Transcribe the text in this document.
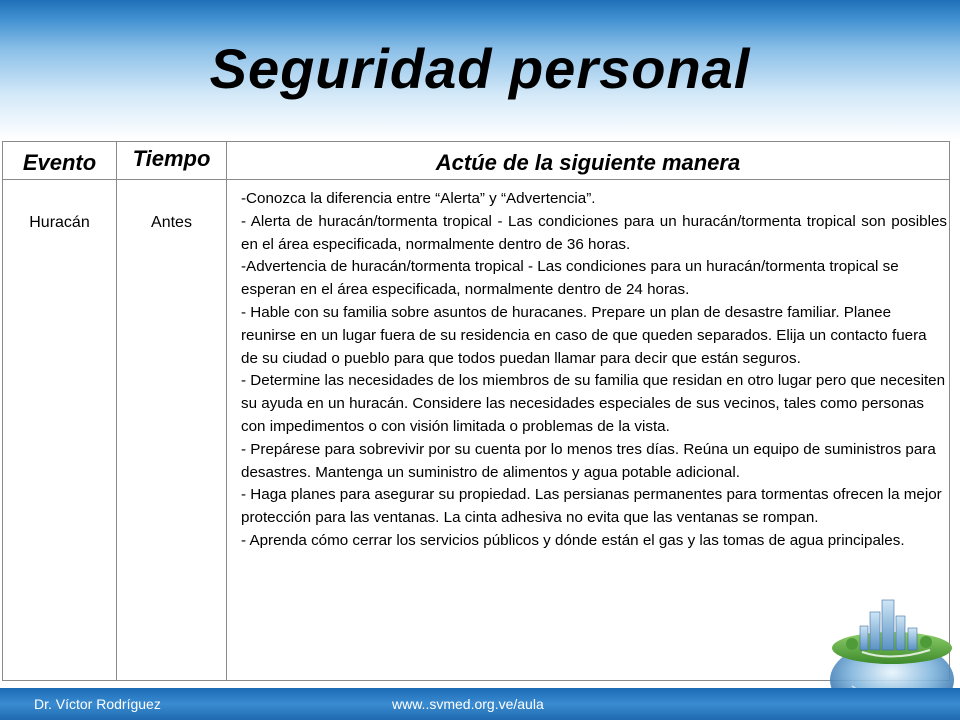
Seguridad personal
Evento	Tiempo	Actúe de la siguiente manera
Huracán	Antes
-Conozca la diferencia entre “Alerta” y “Advertencia”.
- Alerta de huracán/tormenta tropical - Las condiciones para un huracán/tormenta tropical son posibles en el área especificada, normalmente dentro de 36 horas.
-Advertencia de huracán/tormenta tropical - Las condiciones para un huracán/tormenta tropical se esperan en el área especificada, normalmente dentro de 24 horas.
- Hable con su familia sobre asuntos de huracanes. Prepare un plan de desastre familiar. Planee reunirse en un lugar fuera de su residencia en caso de que queden separados. Elija un contacto fuera de su ciudad o pueblo para que todos puedan llamar para decir que están seguros.
- Determine las necesidades de los miembros de su familia que residan en otro lugar pero que necesiten su ayuda en un huracán. Considere las necesidades especiales de sus vecinos, tales como personas con impedimentos o con visión limitada o problemas de la vista.
- Prepárese para sobrevivir por su cuenta por lo menos tres días. Reúna un equipo de suministros para desastres. Mantenga un suministro de alimentos y agua potable adicional.
- Haga planes para asegurar su propiedad. Las persianas permanentes para tormentas ofrecen la mejor protección para las ventanas. La cinta adhesiva no evita que las ventanas se rompan.
- Aprenda cómo cerrar los servicios públicos y dónde están el gas y las tomas de agua principales.
Dr. Víctor Rodríguez	www..svmed.org.ve/aula
